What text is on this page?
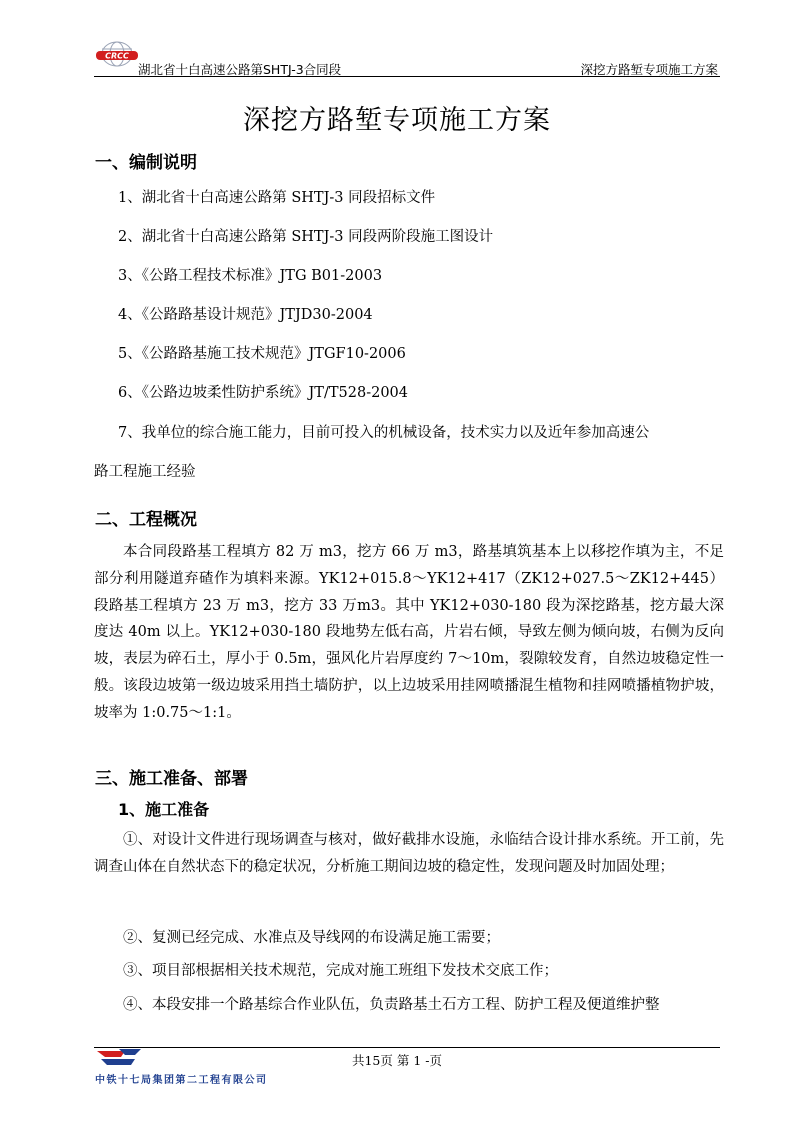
CRCC
湖北省十白高速公路第SHTJ-3合同段	深挖方路堑专项施工方案
深挖方路堑专项施工方案
一、编制说明
1、湖北省十白高速公路第 SHTJ-3 同段招标文件
2、湖北省十白高速公路第 SHTJ-3 同段两阶段施工图设计
3、《公路工程技术标准》JTG B01-2003
4、《公路路基设计规范》JTJD30-2004
5、《公路路基施工技术规范》JTGF10-2006
6、《公路边坡柔性防护系统》JT/T528-2004
7、我单位的综合施工能力，目前可投入的机械设备，技术实力以及近年参加高速公
路工程施工经验
二、工程概况
本合同段路基工程填方 82 万 m3，挖方 66 万 m3，路基填筑基本上以移挖作填为主，不足部分利用隧道弃碴作为填料来源。YK12+015.8～YK12+417（ZK12+027.5～ZK12+445）段路基工程填方 23 万 m3，挖方 33 万m3。其中 YK12+030-180 段为深挖路基，挖方最大深度达 40m 以上。YK12+030-180 段地势左低右高，片岩右倾，导致左侧为倾向坡，右侧为反向坡，表层为碎石土，厚小于 0.5m，强风化片岩厚度约 7～10m，裂隙较发育，自然边坡稳定性一般。该段边坡第一级边坡采用挡土墙防护，以上边坡采用挂网喷播混生植物和挂网喷播植物护坡，坡率为 1:0.75～1:1。
三、施工准备、部署
1、施工准备
①、对设计文件进行现场调查与核对，做好截排水设施，永临结合设计排水系统。开工前，先调查山体在自然状态下的稳定状况，分析施工期间边坡的稳定性，发现问题及时加固处理；
②、复测已经完成、水准点及导线网的布设满足施工需要；
③、项目部根据相关技术规范，完成对施工班组下发技术交底工作；
④、本段安排一个路基综合作业队伍，负责路基土石方工程、防护工程及便道维护整
共15页 第 1 -页
中铁十七局集团第二工程有限公司
